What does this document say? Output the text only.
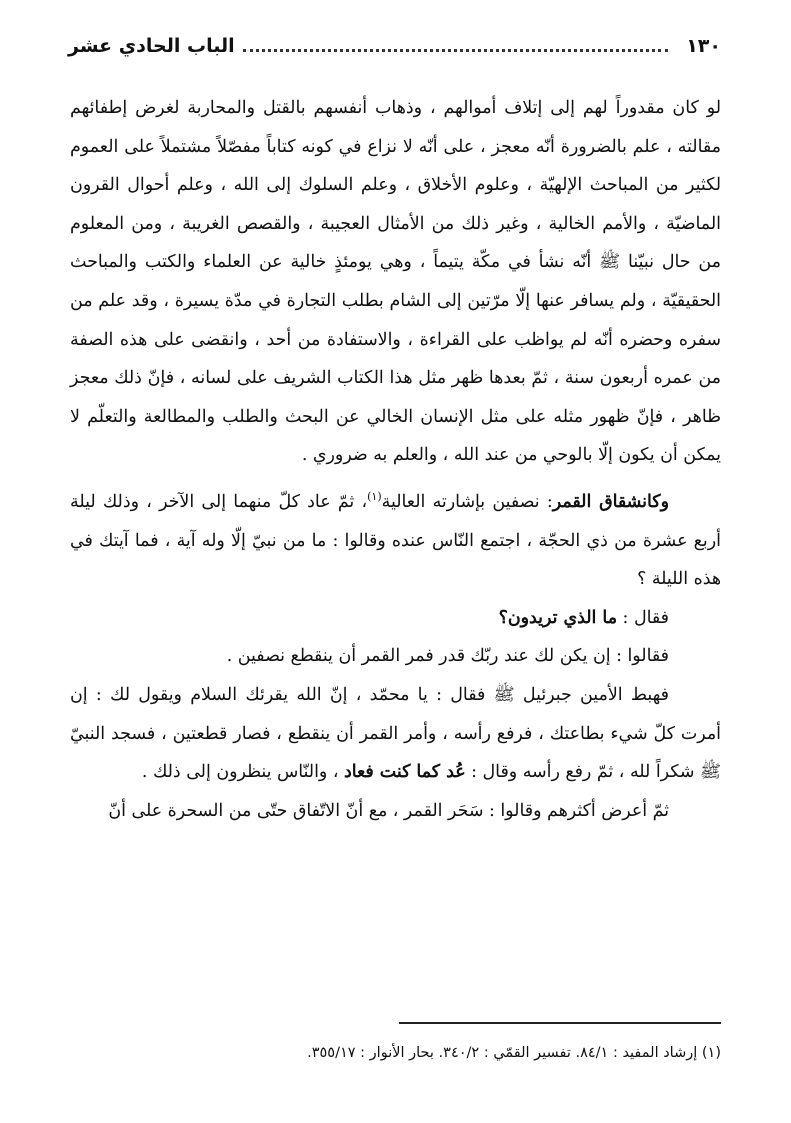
١٣٠
الباب الحادي عشر

لو كان مقدوراً لهم إلى إتلاف أموالهم ، وذهاب أنفسهم بالقتل والمحاربة لغرض إطفائهم مقالته ، علم بالضرورة أنّه معجز ، على أنّه لا نزاع في كونه كتاباً مفصّلاً مشتملاً على العموم لكثير من المباحث الإلهيّة ، وعلوم الأخلاق ، وعلم السلوك إلى الله ، وعلم أحوال القرون الماضيّة ، والأمم الخالية ، وغير ذلك من الأمثال العجيبة ، والقصص الغريبة ، ومن المعلوم من حال نبيّنا ﷺ أنّه نشأ في مكّة يتيماً ، وهي يومئذٍ خالية عن العلماء والكتب والمباحث الحقيقيّة ، ولم يسافر عنها إلّا مرّتين إلى الشام بطلب التجارة في مدّة يسيرة ، وقد علم من سفره وحضره أنّه لم يواظب على القراءة ، والاستفادة من أحد ، وانقضى على هذه الصفة من عمره أربعون سنة ، ثمّ بعدها ظهر مثل هذا الكتاب الشريف على لسانه ، فإنّ ذلك معجز ظاهر ، فإنّ ظهور مثله على مثل الإنسان الخالي عن البحث والطلب والمطالعة والتعلّم لا يمكن أن يكون إلّا بالوحي من عند الله ، والعلم به ضروري .

وكانشقاق القمر: نصفين بإشارته العالية$^{(١)}$، ثمّ عاد كلّ منهما إلى الآخر ، وذلك ليلة أربع عشرة من ذي الحجّة ، اجتمع النّاس عنده وقالوا : ما من نبيّ إلّا وله آية ، فما آيتك في هذه الليلة ؟

فقال : ما الذي تريدون؟

فقالوا : إن يكن لك عند ربّك قدر فمر القمر أن ينقطع نصفين .

فهبط الأمين جبرئيل ﷺ فقال : يا محمّد ، إنّ الله يقرئك السلام ويقول لك : إن أمرت كلّ شيء بطاعتك ، فرفع رأسه ، وأمر القمر أن ينقطع ، فصار قطعتين ، فسجد النبيّ ﷺ شكراً لله ، ثمّ رفع رأسه وقال : عُد كما كنت فعاد ، والنّاس ينظرون إلى ذلك .

ثمّ أعرض أكثرهم وقالوا : سَحَر القمر ، مع أنّ الاتّفاق حتّى من السحرة على أنّ

(١) إرشاد المفيد : ٨٤/١. تفسير القمّي : ٣٤٠/٢. بحار الأنوار : ٣٥٥/١٧.
